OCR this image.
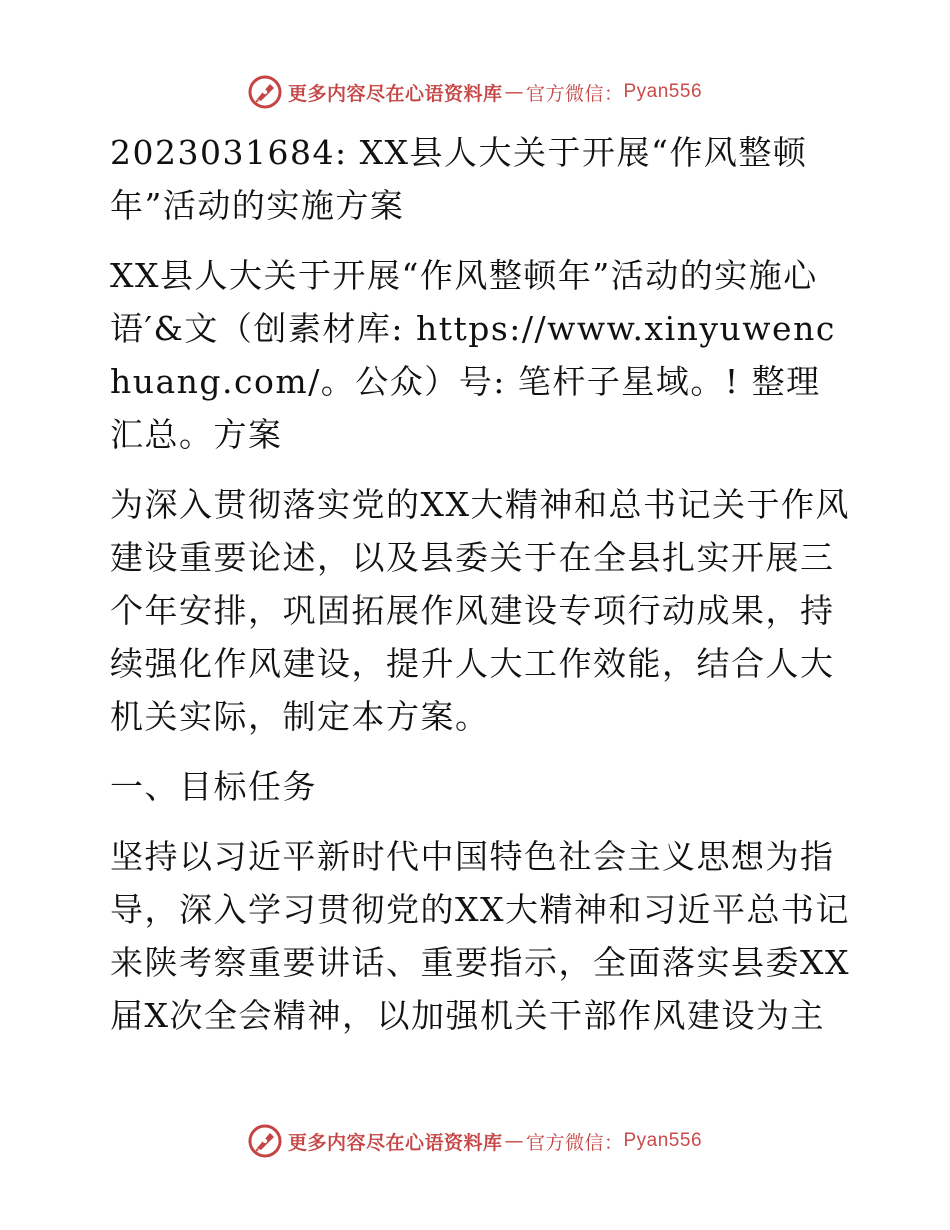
更多内容尽在心语资料库 — 官方微信： Pyan556

2023031684: XX县人大关于开展“作风整顿年”活动的实施方案

XX县人大关于开展“作风整顿年”活动的实施心语′&文（创素材库: https://www.xinyuwenchuang.com/。公众）号: 笔杆子星域。! 整理汇总。方案

为深入贯彻落实党的XX大精神和总书记关于作风建设重要论述，以及县委关于在全县扎实开展三个年安排，巩固拓展作风建设专项行动成果，持续强化作风建设，提升人大工作效能，结合人大机关实际，制定本方案。

一、目标任务

坚持以习近平新时代中国特色社会主义思想为指导，深入学习贯彻党的XX大精神和习近平总书记来陕考察重要讲话、重要指示，全面落实县委XX届X次全会精神，以加强机关干部作风建设为主

更多内容尽在心语资料库 — 官方微信： Pyan556
